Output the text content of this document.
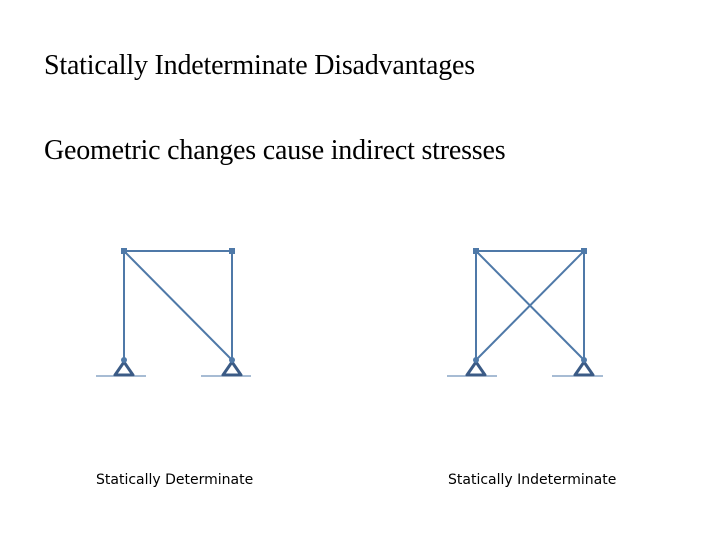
Statically Indeterminate Disadvantages
Geometric changes cause indirect stresses
Statically Determinate	Statically Indeterminate
